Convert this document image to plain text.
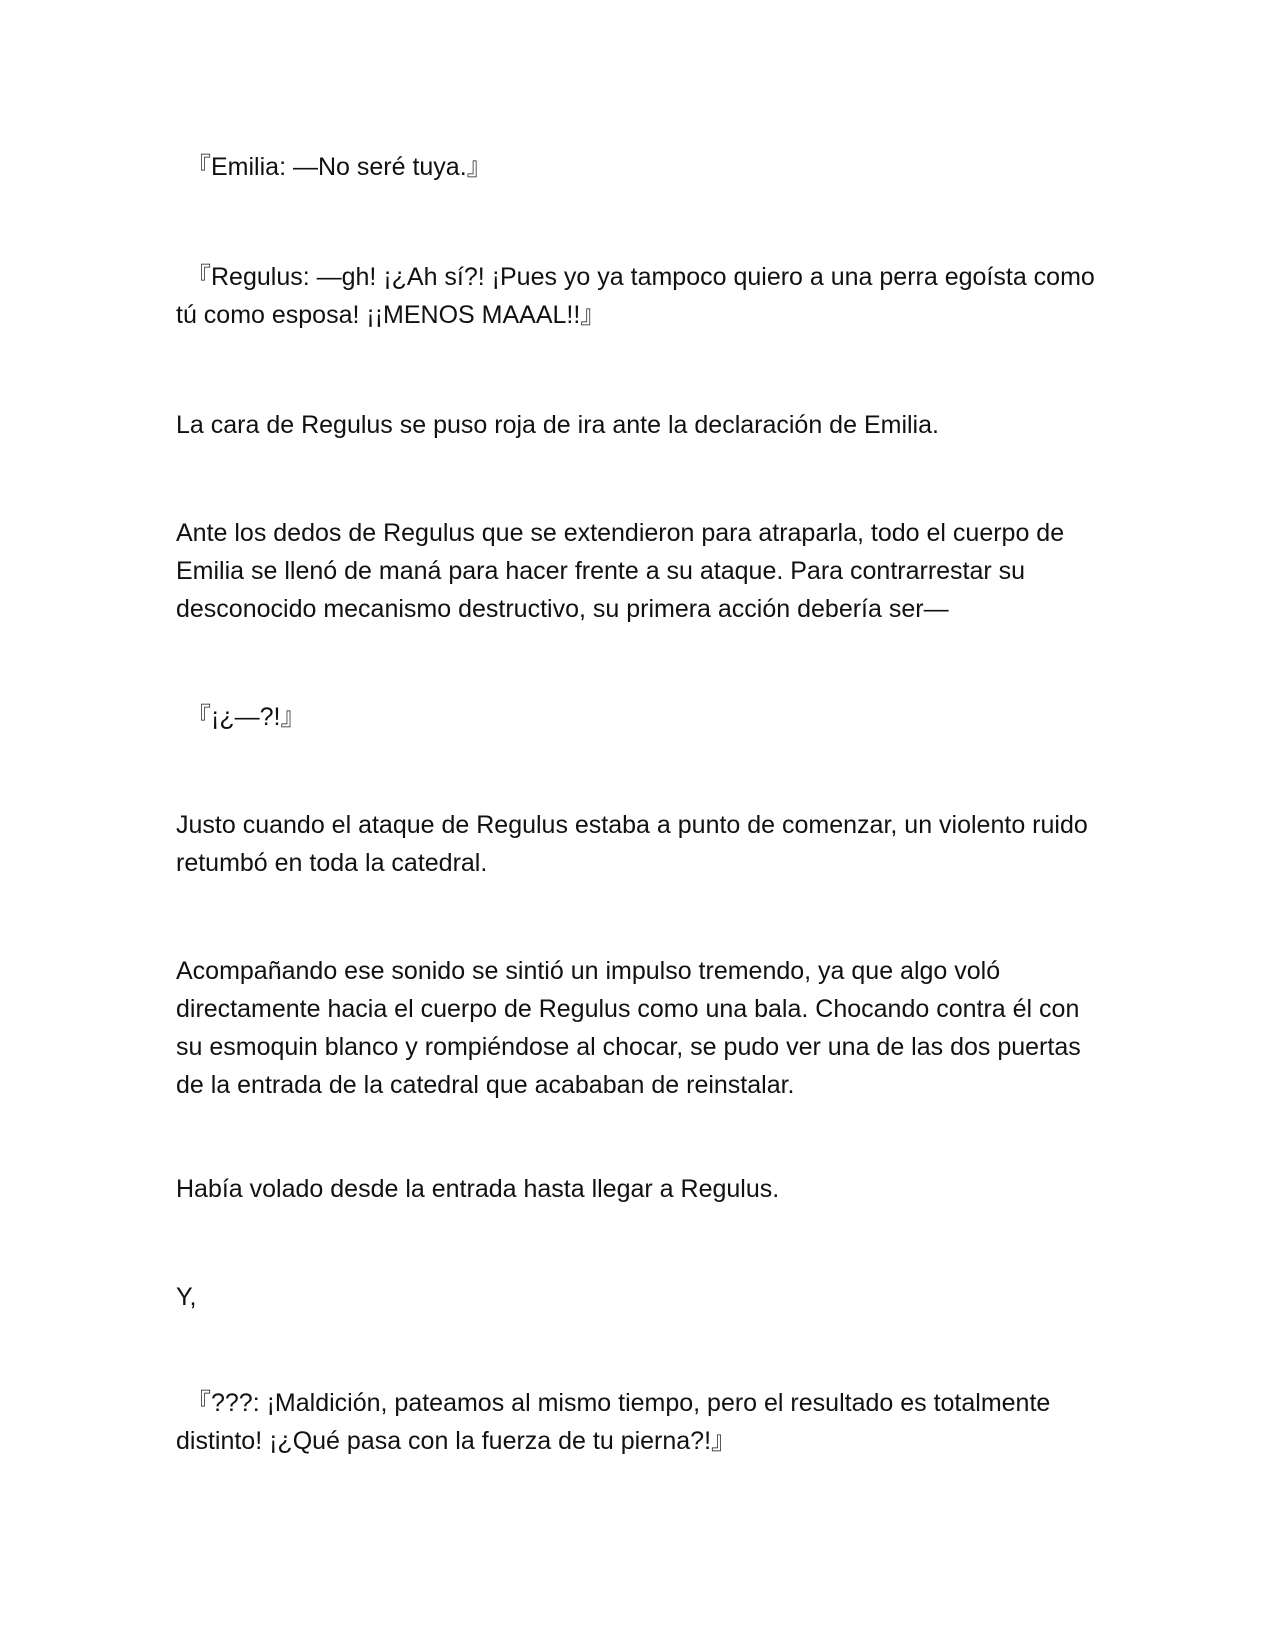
『Emilia: —No seré tuya.』

『Regulus: —gh! ¡¿Ah sí?! ¡Pues yo ya tampoco quiero a una perra egoísta como tú como esposa! ¡¡MENOS MAAAL!!』

La cara de Regulus se puso roja de ira ante la declaración de Emilia.

Ante los dedos de Regulus que se extendieron para atraparla, todo el cuerpo de Emilia se llenó de maná para hacer frente a su ataque. Para contrarrestar su desconocido mecanismo destructivo, su primera acción debería ser—

『¡¿—?!』

Justo cuando el ataque de Regulus estaba a punto de comenzar, un violento ruido retumbó en toda la catedral.

Acompañando ese sonido se sintió un impulso tremendo, ya que algo voló directamente hacia el cuerpo de Regulus como una bala. Chocando contra él con su esmoquin blanco y rompiéndose al chocar, se pudo ver una de las dos puertas de la entrada de la catedral que acababan de reinstalar.

Había volado desde la entrada hasta llegar a Regulus.

Y,

『???: ¡Maldición, pateamos al mismo tiempo, pero el resultado es totalmente distinto! ¡¿Qué pasa con la fuerza de tu pierna?!』
